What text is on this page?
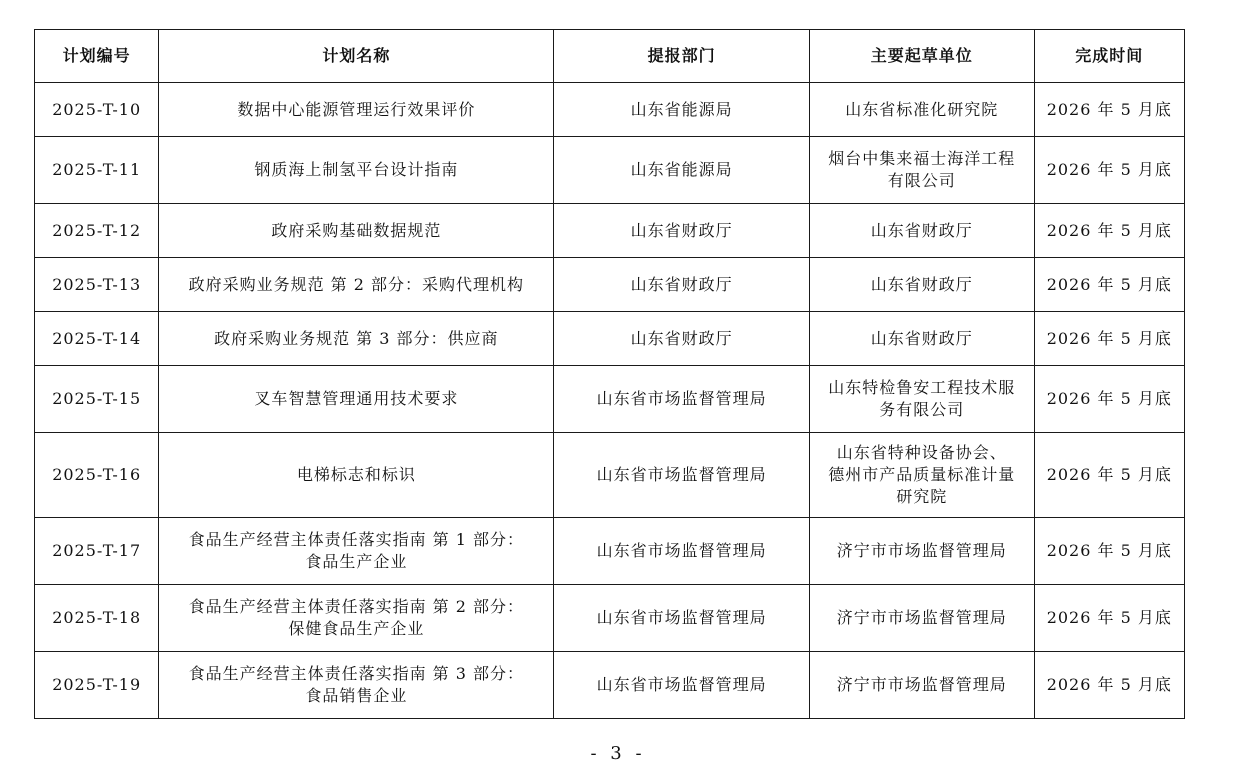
计划编号	计划名称	提报部门	主要起草单位	完成时间
2025-T-10	数据中心能源管理运行效果评价	山东省能源局	山东省标准化研究院	2026 年 5 月底
2025-T-11	钢质海上制氢平台设计指南	山东省能源局	烟台中集来福士海洋工程
有限公司	2026 年 5 月底
2025-T-12	政府采购基础数据规范	山东省财政厅	山东省财政厅	2026 年 5 月底
2025-T-13	政府采购业务规范 第 2 部分：采购代理机构	山东省财政厅	山东省财政厅	2026 年 5 月底
2025-T-14	政府采购业务规范 第 3 部分：供应商	山东省财政厅	山东省财政厅	2026 年 5 月底
2025-T-15	叉车智慧管理通用技术要求	山东省市场监督管理局	山东特检鲁安工程技术服
务有限公司	2026 年 5 月底
2025-T-16	电梯标志和标识	山东省市场监督管理局	山东省特种设备协会、
德州市产品质量标准计量
研究院	2026 年 5 月底
2025-T-17	食品生产经营主体责任落实指南 第 1 部分：
食品生产企业	山东省市场监督管理局	济宁市市场监督管理局	2026 年 5 月底
2025-T-18	食品生产经营主体责任落实指南 第 2 部分：
保健食品生产企业	山东省市场监督管理局	济宁市市场监督管理局	2026 年 5 月底
2025-T-19	食品生产经营主体责任落实指南 第 3 部分：
食品销售企业	山东省市场监督管理局	济宁市市场监督管理局	2026 年 5 月底
- 3 -
